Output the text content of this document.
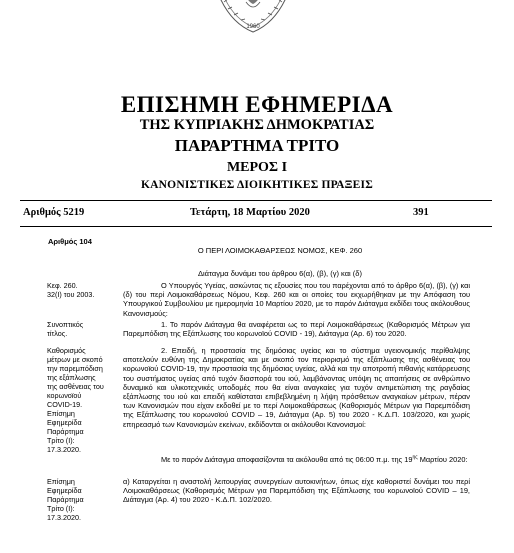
1960
ΕΠΙΣΗΜΗ ΕΦΗΜΕΡΙΔΑ
ΤΗΣ ΚΥΠΡΙΑΚΗΣ ΔΗΜΟΚΡΑΤΙΑΣ
ΠΑΡΑΡΤΗΜΑ ΤΡΙΤΟ
ΜΕΡΟΣ Ι
ΚΑΝΟΝΙΣΤΙΚΕΣ ΔΙΟΙΚΗΤΙΚΕΣ ΠΡΑΞΕΙΣ
Αριθμός 5219	Τετάρτη, 18 Μαρτίου 2020	391
Αριθμός 104
Ο ΠΕΡΙ ΛΟΙΜΟΚΑΘΑΡΣΕΩΣ ΝΟΜΟΣ, ΚΕΦ. 260
Διάταγμα δυνάμει του άρθρου 6(α), (β), (γ) και (δ)
Κεφ. 260.
32(Ι) του 2003.
Ο Υπουργός Υγείας, ασκώντας τις εξουσίες που του παρέχονται από το άρθρο 6(α), (β), (γ) και (δ) του περί Λοιμοκαθάρσεως Νόμου, Κεφ. 260 και οι οποίες του εκχωρήθηκαν με την Απόφαση του Υπουργικού Συμβουλίου με ημερομηνία 10 Μαρτίου 2020, με το παρόν Διάταγμα εκδίδει τους ακόλουθους Κανονισμούς:
Συνοπτικός
τίτλος.
1. Το παρόν Διάταγμα θα αναφέρεται ως το περί Λοιμοκαθάρσεως (Καθορισμός Μέτρων για Παρεμπόδιση της Εξάπλωσης του κορωνοϊού COVID - 19), Διάταγμα (Αρ. 6) του 2020.
Καθορισμός
μέτρων με σκοπό
την παρεμπόδιση
της εξάπλωσης
της ασθένειας του
κορωνοϊού
COVID-19.
Επίσημη
Εφημερίδα
Παράρτημα
Τρίτο (Ι):
17.3.2020.
2. Επειδή, η προστασία της δημόσιας υγείας και το σύστημα υγειονομικής περίθαλψης αποτελούν ευθύνη της Δημοκρατίας και με σκοπό τον περιορισμό της εξάπλωσης της ασθένειας του κορωνοϊού COVID-19, την προστασία της δημόσιας υγείας, αλλά και την αποτροπή πιθανής κατάρρευσης του συστήματος υγείας από τυχόν διασπορά του ιού, λαμβάνοντας υπόψη τις απαιτήσεις σε ανθρώπινο δυναμικό και υλικοτεχνικές υποδομές που θα είναι αναγκαίες για τυχόν αντιμετώπιση της ραγδαίας εξάπλωσης του ιού και επειδή καθίσταται επιβεβλημένη η λήψη πρόσθετων αναγκαίων μέτρων, πέραν των Κανονισμών που είχαν εκδοθεί με το περί Λοιμοκαθάρσεως (Καθορισμός Μέτρων για Παρεμπόδιση της Εξάπλωσης του κορωνοϊού COVID – 19, Διάταγμα (Αρ. 5) του 2020 - Κ.Δ.Π. 103/2020, και χωρίς επηρεασμό των Κανονισμών εκείνων, εκδίδονται οι ακόλουθοι Κανονισμοί:
Με το παρόν Διάταγμα αποφασίζονται τα ακόλουθα από τις 06:00 π.μ. της $19^{\eta\varsigma}$ Μαρτίου 2020:
Επίσημη
Εφημερίδα
Παράρτημα
Τρίτο (Ι):
17.3.2020.
α) Καταργείται η αναστολή λειτουργίας συνεργείων αυτοκινήτων, όπως είχε καθοριστεί δυνάμει του περί Λοιμοκαθάρσεως (Καθορισμός Μέτρων για Παρεμπόδιση της Εξάπλωσης του κορωνοϊού COVID – 19, Διάταγμα (Αρ. 4) του 2020 - Κ.Δ.Π. 102/2020.
